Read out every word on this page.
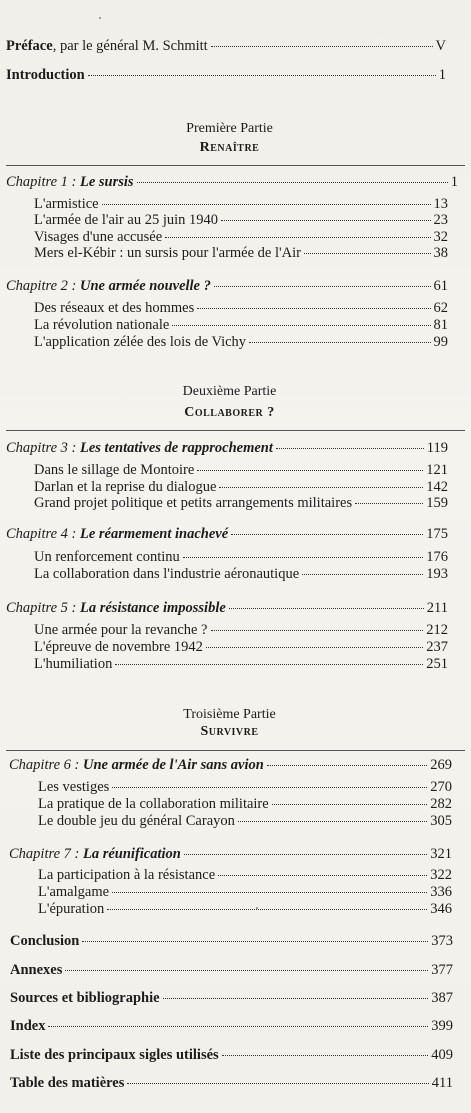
Préface, par le général M. Schmitt	V
Introduction	1
Première Partie
Renaître
Chapitre 1 : Le sursis	1
L'armistice	13
L'armée de l'air au 25 juin 1940	23
Visages d'une accusée	32
Mers el-Kébir : un sursis pour l'armée de l'Air	38
Chapitre 2 : Une armée nouvelle ?	61
Des réseaux et des hommes	62
La révolution nationale	81
L'application zélée des lois de Vichy	99
Deuxième Partie
Collaborer ?
Chapitre 3 : Les tentatives de rapprochement	119
Dans le sillage de Montoire	121
Darlan et la reprise du dialogue	142
Grand projet politique et petits arrangements militaires	159
Chapitre 4 : Le réarmement inachevé	175
Un renforcement continu	176
La collaboration dans l'industrie aéronautique	193
Chapitre 5 : La résistance impossible	211
Une armée pour la revanche ?	212
L'épreuve de novembre 1942	237
L'humiliation	251
Troisième Partie
Survivre
Chapitre 6 : Une armée de l'Air sans avion	269
Les vestiges	270
La pratique de la collaboration militaire	282
Le double jeu du général Carayon	305
Chapitre 7 : La réunification	321
La participation à la résistance	322
L'amalgame	336
L'épuration	346
Conclusion	373
Annexes	377
Sources et bibliographie	387
Index	399
Liste des principaux sigles utilisés	409
Table des matières	411
